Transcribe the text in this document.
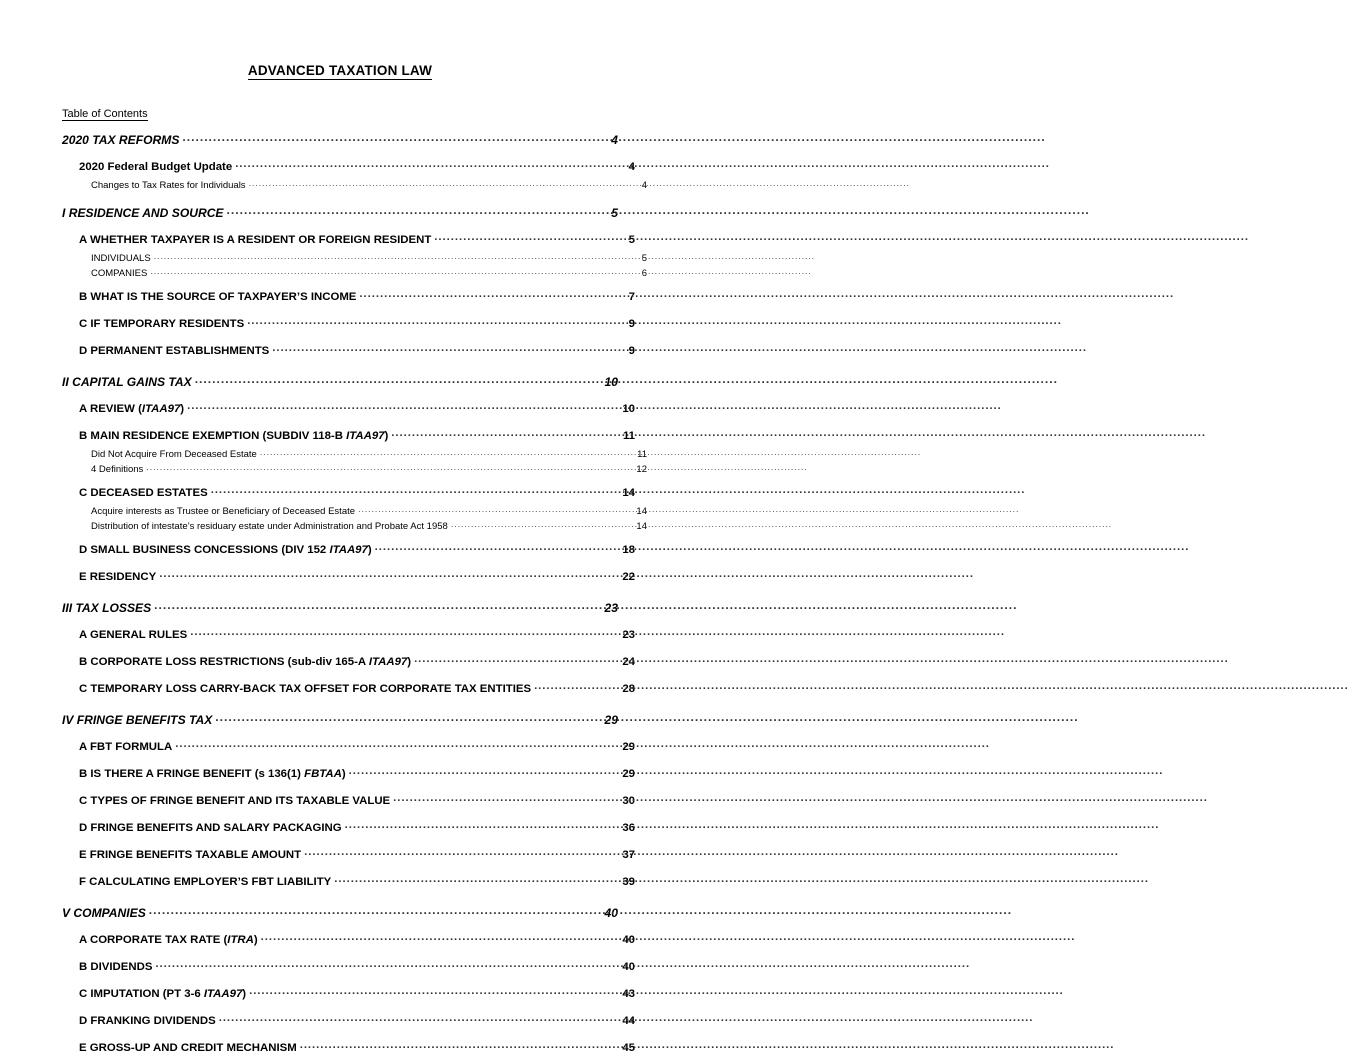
ADVANCED TAXATION LAW
Table of Contents
2020 TAX REFORMS .....	4
2020 Federal Budget Update .....	4
Changes to Tax Rates for Individuals .....	4
I RESIDENCE AND SOURCE .....	5
A WHETHER TAXPAYER IS A RESIDENT OR FOREIGN RESIDENT .....	5
INDIVIDUALS .....	5
COMPANIES .....	6
B WHAT IS THE SOURCE OF TAXPAYER’S INCOME .....	7
C IF TEMPORARY RESIDENTS .....	9
D PERMANENT ESTABLISHMENTS .....	9
II CAPITAL GAINS TAX .....	10
A REVIEW (ITAA97) .....	10
B MAIN RESIDENCE EXEMPTION (SUBDIV 118-B ITAA97) .....	11
Did Not Acquire From Deceased Estate .....	11
4 Definitions .....	12
C DECEASED ESTATES .....	14
Acquire interests as Trustee or Beneficiary of Deceased Estate .....	14
Distribution of intestate’s residuary estate under Administration and Probate Act 1958 .....	14
D SMALL BUSINESS CONCESSIONS (DIV 152 ITAA97) .....	18
E RESIDENCY .....	22
III TAX LOSSES .....	23
A GENERAL RULES .....	23
B CORPORATE LOSS RESTRICTIONS (sub-div 165-A ITAA97) .....	24
C TEMPORARY LOSS CARRY-BACK TAX OFFSET FOR CORPORATE TAX ENTITIES .....	28
IV FRINGE BENEFITS TAX .....	29
A FBT FORMULA .....	29
B IS THERE A FRINGE BENEFIT (s 136(1) FBTAA) .....	29
C TYPES OF FRINGE BENEFIT AND ITS TAXABLE VALUE .....	30
D FRINGE BENEFITS AND SALARY PACKAGING .....	36
E FRINGE BENEFITS TAXABLE AMOUNT .....	37
F CALCULATING EMPLOYER’S FBT LIABILITY .....	39
V COMPANIES .....	40
A CORPORATE TAX RATE (ITRA) .....	40
B DIVIDENDS .....	40
C IMPUTATION (PT 3-6 ITAA97) .....	43
D FRANKING DIVIDENDS .....	44
E GROSS-UP AND CREDIT MECHANISM .....	45
